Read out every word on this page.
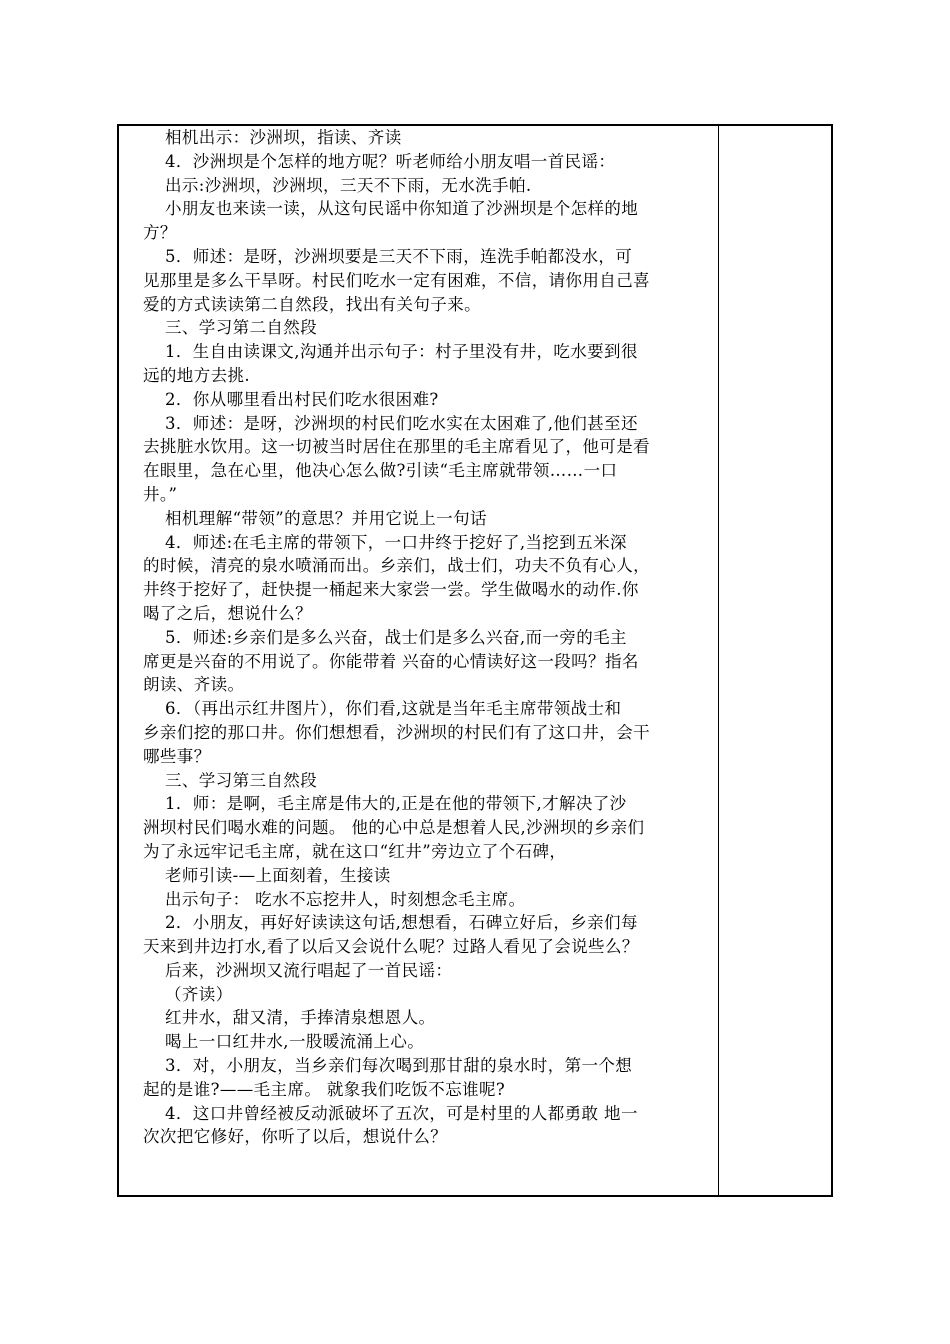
相机出示：沙洲坝，指读、齐读

4．沙洲坝是个怎样的地方呢？听老师给小朋友唱一首民谣：

出示:沙洲坝，沙洲坝，三天不下雨，无水洗手帕.

小朋友也来读一读，从这句民谣中你知道了沙洲坝是个怎样的地

方？

5．师述：是呀，沙洲坝要是三天不下雨，连洗手帕都没水，可

见那里是多么干旱呀。村民们吃水一定有困难，不信，请你用自己喜

爱的方式读读第二自然段，找出有关句子来。

三、学习第二自然段

1．生自由读课文,沟通并出示句子：村子里没有井，吃水要到很

远的地方去挑.

2．你从哪里看出村民们吃水很困难?

3．师述：是呀，沙洲坝的村民们吃水实在太困难了,他们甚至还

去挑脏水饮用。这一切被当时居住在那里的毛主席看见了，他可是看

在眼里，急在心里，他决心怎么做?引读“毛主席就带领……一口

井。”

相机理解“带领”的意思？并用它说上一句话

4．师述:在毛主席的带领下，一口井终于挖好了,当挖到五米深

的时候，清亮的泉水喷涌而出。乡亲们，战士们，功夫不负有心人，

井终于挖好了，赶快提一桶起来大家尝一尝。学生做喝水的动作.你

喝了之后，想说什么？

5．师述:乡亲们是多么兴奋，战士们是多么兴奋,而一旁的毛主

席更是兴奋的不用说了。你能带着 兴奋的心情读好这一段吗？指名

朗读、齐读。

6．（再出示红井图片），你们看,这就是当年毛主席带领战士和

乡亲们挖的那口井。你们想想看，沙洲坝的村民们有了这口井，会干

哪些事？

三、学习第三自然段

1．师：是啊，毛主席是伟大的,正是在他的带领下,才解决了沙

洲坝村民们喝水难的问题。 他的心中总是想着人民,沙洲坝的乡亲们

为了永远牢记毛主席，就在这口“红井”旁边立了个石碑，

老师引读-—上面刻着，生接读

出示句子： 吃水不忘挖井人，时刻想念毛主席。

2．小朋友，再好好读读这句话,想想看，石碑立好后，乡亲们每

天来到井边打水,看了以后又会说什么呢？过路人看见了会说些么？

后来，沙洲坝又流行唱起了一首民谣：

（齐读）

红井水，甜又清，手捧清泉想恩人。

喝上一口红井水,一股暖流涌上心。

3．对，小朋友，当乡亲们每次喝到那甘甜的泉水时，第一个想

起的是谁?——毛主席。 就象我们吃饭不忘谁呢?

4．这口井曾经被反动派破坏了五次，可是村里的人都勇敢 地一

次次把它修好，你听了以后，想说什么？
